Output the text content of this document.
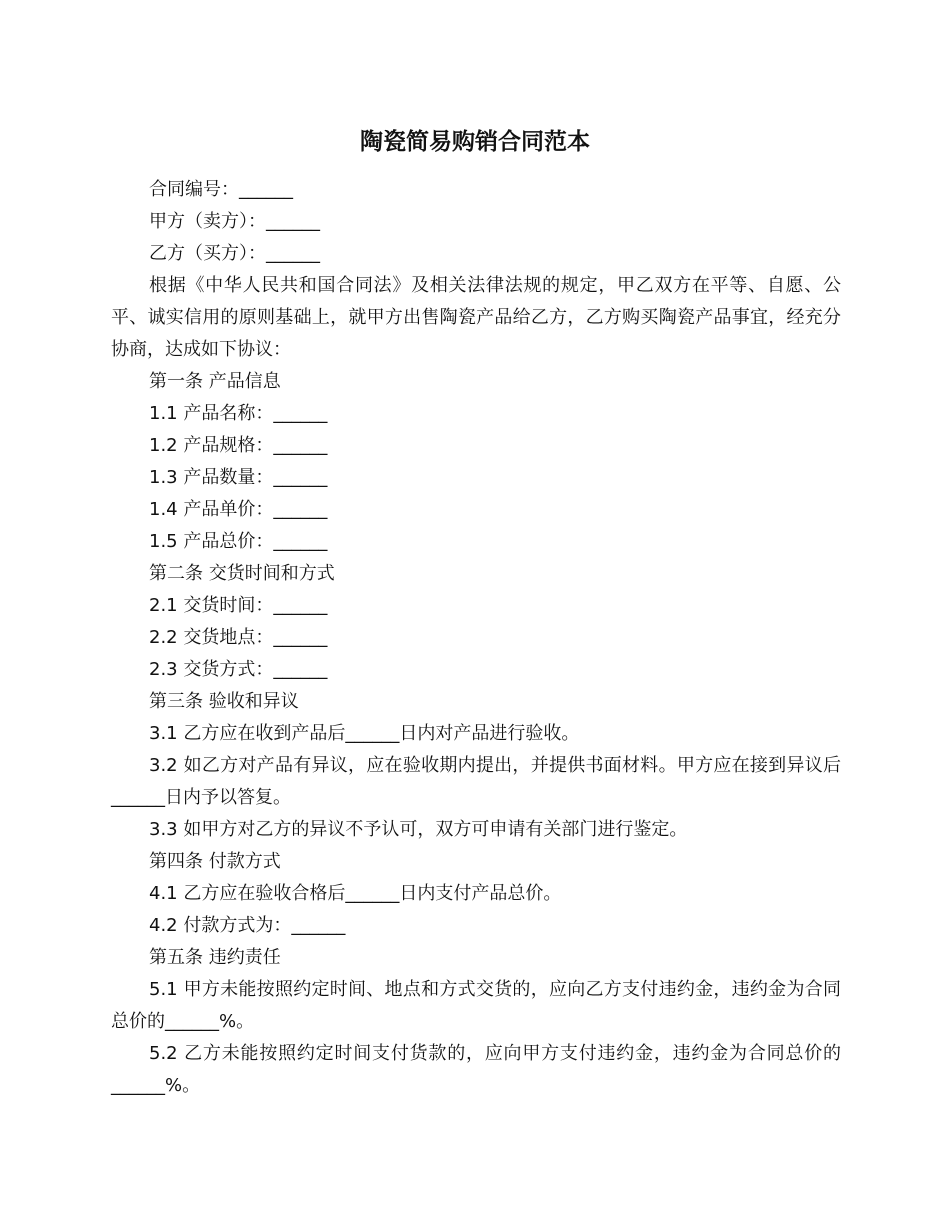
陶瓷简易购销合同范本

合同编号：______

甲方（卖方）：______

乙方（买方）：______

根据《中华人民共和国合同法》及相关法律法规的规定，甲乙双方在平等、自愿、公平、诚实信用的原则基础上，就甲方出售陶瓷产品给乙方，乙方购买陶瓷产品事宜，经充分协商，达成如下协议：

第一条 产品信息

1.1 产品名称：______

1.2 产品规格：______

1.3 产品数量：______

1.4 产品单价：______

1.5 产品总价：______

第二条 交货时间和方式

2.1 交货时间：______

2.2 交货地点：______

2.3 交货方式：______

第三条 验收和异议

3.1 乙方应在收到产品后______日内对产品进行验收。

3.2 如乙方对产品有异议，应在验收期内提出，并提供书面材料。甲方应在接到异议后______日内予以答复。

3.3 如甲方对乙方的异议不予认可，双方可申请有关部门进行鉴定。

第四条 付款方式

4.1 乙方应在验收合格后______日内支付产品总价。

4.2 付款方式为：______

第五条 违约责任

5.1 甲方未能按照约定时间、地点和方式交货的，应向乙方支付违约金，违约金为合同总价的______%。

5.2 乙方未能按照约定时间支付货款的，应向甲方支付违约金，违约金为合同总价的______%。
